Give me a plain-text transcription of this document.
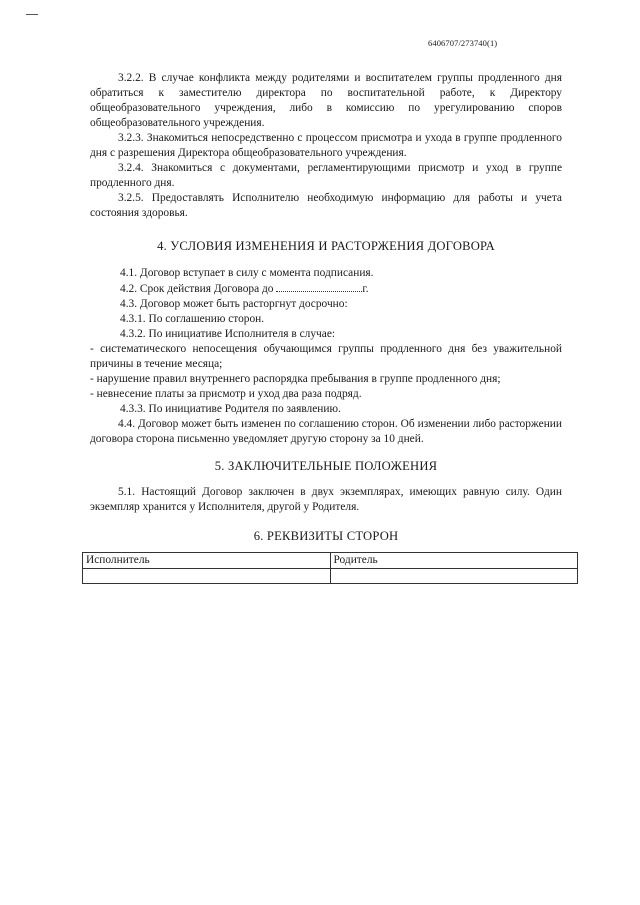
6406707/273740(1)

3.2.2. В случае конфликта между родителями и воспитателем группы продленного дня обратиться к заместителю директора по воспитательной работе, к Директору общеобразовательного учреждения, либо в комиссию по урегулированию споров общеобразовательного учреждения.

3.2.3. Знакомиться непосредственно с процессом присмотра и ухода в группе продленного дня с разрешения Директора общеобразовательного учреждения.

3.2.4. Знакомиться с документами, регламентирующими присмотр и уход в группе продленного дня.

3.2.5. Предоставлять Исполнителю необходимую информацию для работы и учета состояния здоровья.

4. УСЛОВИЯ ИЗМЕНЕНИЯ И РАСТОРЖЕНИЯ ДОГОВОРА

4.1. Договор вступает в силу с момента подписания.

4.2. Срок действия Договора до	г.

4.3. Договор может быть расторгнут досрочно:

4.3.1. По соглашению сторон.

4.3.2. По инициативе Исполнителя в случае:

- систематического непосещения обучающимся группы продленного дня без уважительной причины в течение месяца;

- нарушение правил внутреннего распорядка пребывания в группе продленного дня;

- невнесение платы за присмотр и уход два раза подряд.

4.3.3. По инициативе Родителя по заявлению.

4.4. Договор может быть изменен по соглашению сторон. Об изменении либо расторжении договора сторона письменно уведомляет другую сторону за 10 дней.

5. ЗАКЛЮЧИТЕЛЬНЫЕ ПОЛОЖЕНИЯ

5.1. Настоящий Договор заключен в двух экземплярах, имеющих равную силу. Один экземпляр хранится у Исполнителя, другой у Родителя.

6. РЕКВИЗИТЫ СТОРОН
Исполнитель	Родитель
